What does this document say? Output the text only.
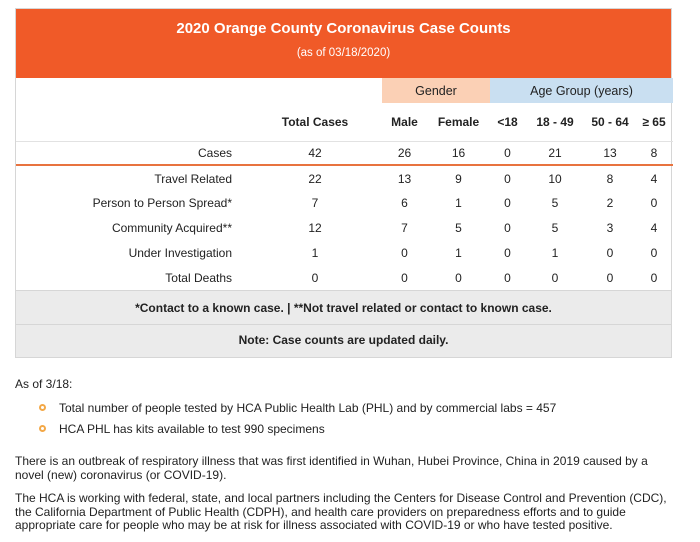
2020 Orange County Coronavirus Case Counts
(as of 03/18/2020)
		Gender		Age Group (years)			
	Total Cases	Male	Female	<18	18 - 49	50 - 64	≥ 65
Cases	42	26	16	0	21	13	8
Travel Related	22	13	9	0	10	8	4
Person to Person Spread*	7	6	1	0	5	2	0
Community Acquired**	12	7	5	0	5	3	4
Under Investigation	1	0	1	0	1	0	0
Total Deaths	0	0	0	0	0	0	0
*Contact to a known case. | **Not travel related or contact to known case.
Note: Case counts are updated daily.
As of 3/18:
Total number of people tested by HCA Public Health Lab (PHL) and by commercial labs = 457
HCA PHL has kits available to test 990 specimens

There is an outbreak of respiratory illness that was first identified in Wuhan, Hubei Province, China in 2019 caused by a novel (new) coronavirus (or COVID-19).

The HCA is working with federal, state, and local partners including the Centers for Disease Control and Prevention (CDC), the California Department of Public Health (CDPH), and health care providers on preparedness efforts and to guide appropriate care for people who may be at risk for illness associated with COVID-19 or who have tested positive.
